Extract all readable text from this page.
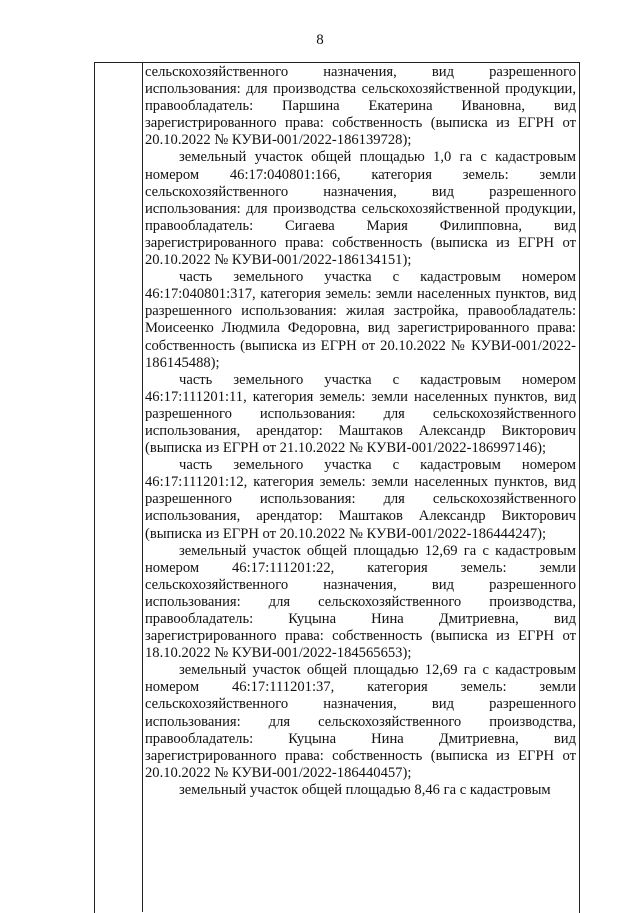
8

сельскохозяйственного назначения, вид разрешенного использования: для производства сельскохозяйственной продукции, правообладатель: Паршина Екатерина Ивановна, вид зарегистрированного права: собственность (выписка из ЕГРН от 20.10.2022 № КУВИ-001/2022-186139728);

земельный участок общей площадью 1,0 га с кадастровым номером 46:17:040801:166, категория земель: земли сельскохозяйственного назначения, вид разрешенного использования: для производства сельскохозяйственной продукции, правообладатель: Сигаева Мария Филипповна, вид зарегистрированного права: собственность (выписка из ЕГРН от 20.10.2022 № КУВИ-001/2022-186134151);

часть земельного участка с кадастровым номером 46:17:040801:317, категория земель: земли населенных пунктов, вид разрешенного использования: жилая застройка, правообладатель: Моисеенко Людмила Федоровна, вид зарегистрированного права: собственность (выписка из ЕГРН от 20.10.2022 № КУВИ-001/2022-186145488);

часть земельного участка с кадастровым номером 46:17:111201:11, категория земель: земли населенных пунктов, вид разрешенного использования: для сельскохозяйственного использования, арендатор: Маштаков Александр Викторович (выписка из ЕГРН от 21.10.2022 № КУВИ-001/2022-186997146);

часть земельного участка с кадастровым номером 46:17:111201:12, категория земель: земли населенных пунктов, вид разрешенного использования: для сельскохозяйственного использования, арендатор: Маштаков Александр Викторович (выписка из ЕГРН от 20.10.2022 № КУВИ-001/2022-186444247);

земельный участок общей площадью 12,69 га с кадастровым номером 46:17:111201:22, категория земель: земли сельскохозяйственного назначения, вид разрешенного использования: для сельскохозяйственного производства, правообладатель: Куцына Нина Дмитриевна, вид зарегистрированного права: собственность (выписка из ЕГРН от 18.10.2022 № КУВИ-001/2022-184565653);

земельный участок общей площадью 12,69 га с кадастровым номером 46:17:111201:37, категория земель: земли сельскохозяйственного назначения, вид разрешенного использования: для сельскохозяйственного производства, правообладатель: Куцына Нина Дмитриевна, вид зарегистрированного права: собственность (выписка из ЕГРН от 20.10.2022 № КУВИ-001/2022-186440457);

земельный участок общей площадью 8,46 га с кадастровым
